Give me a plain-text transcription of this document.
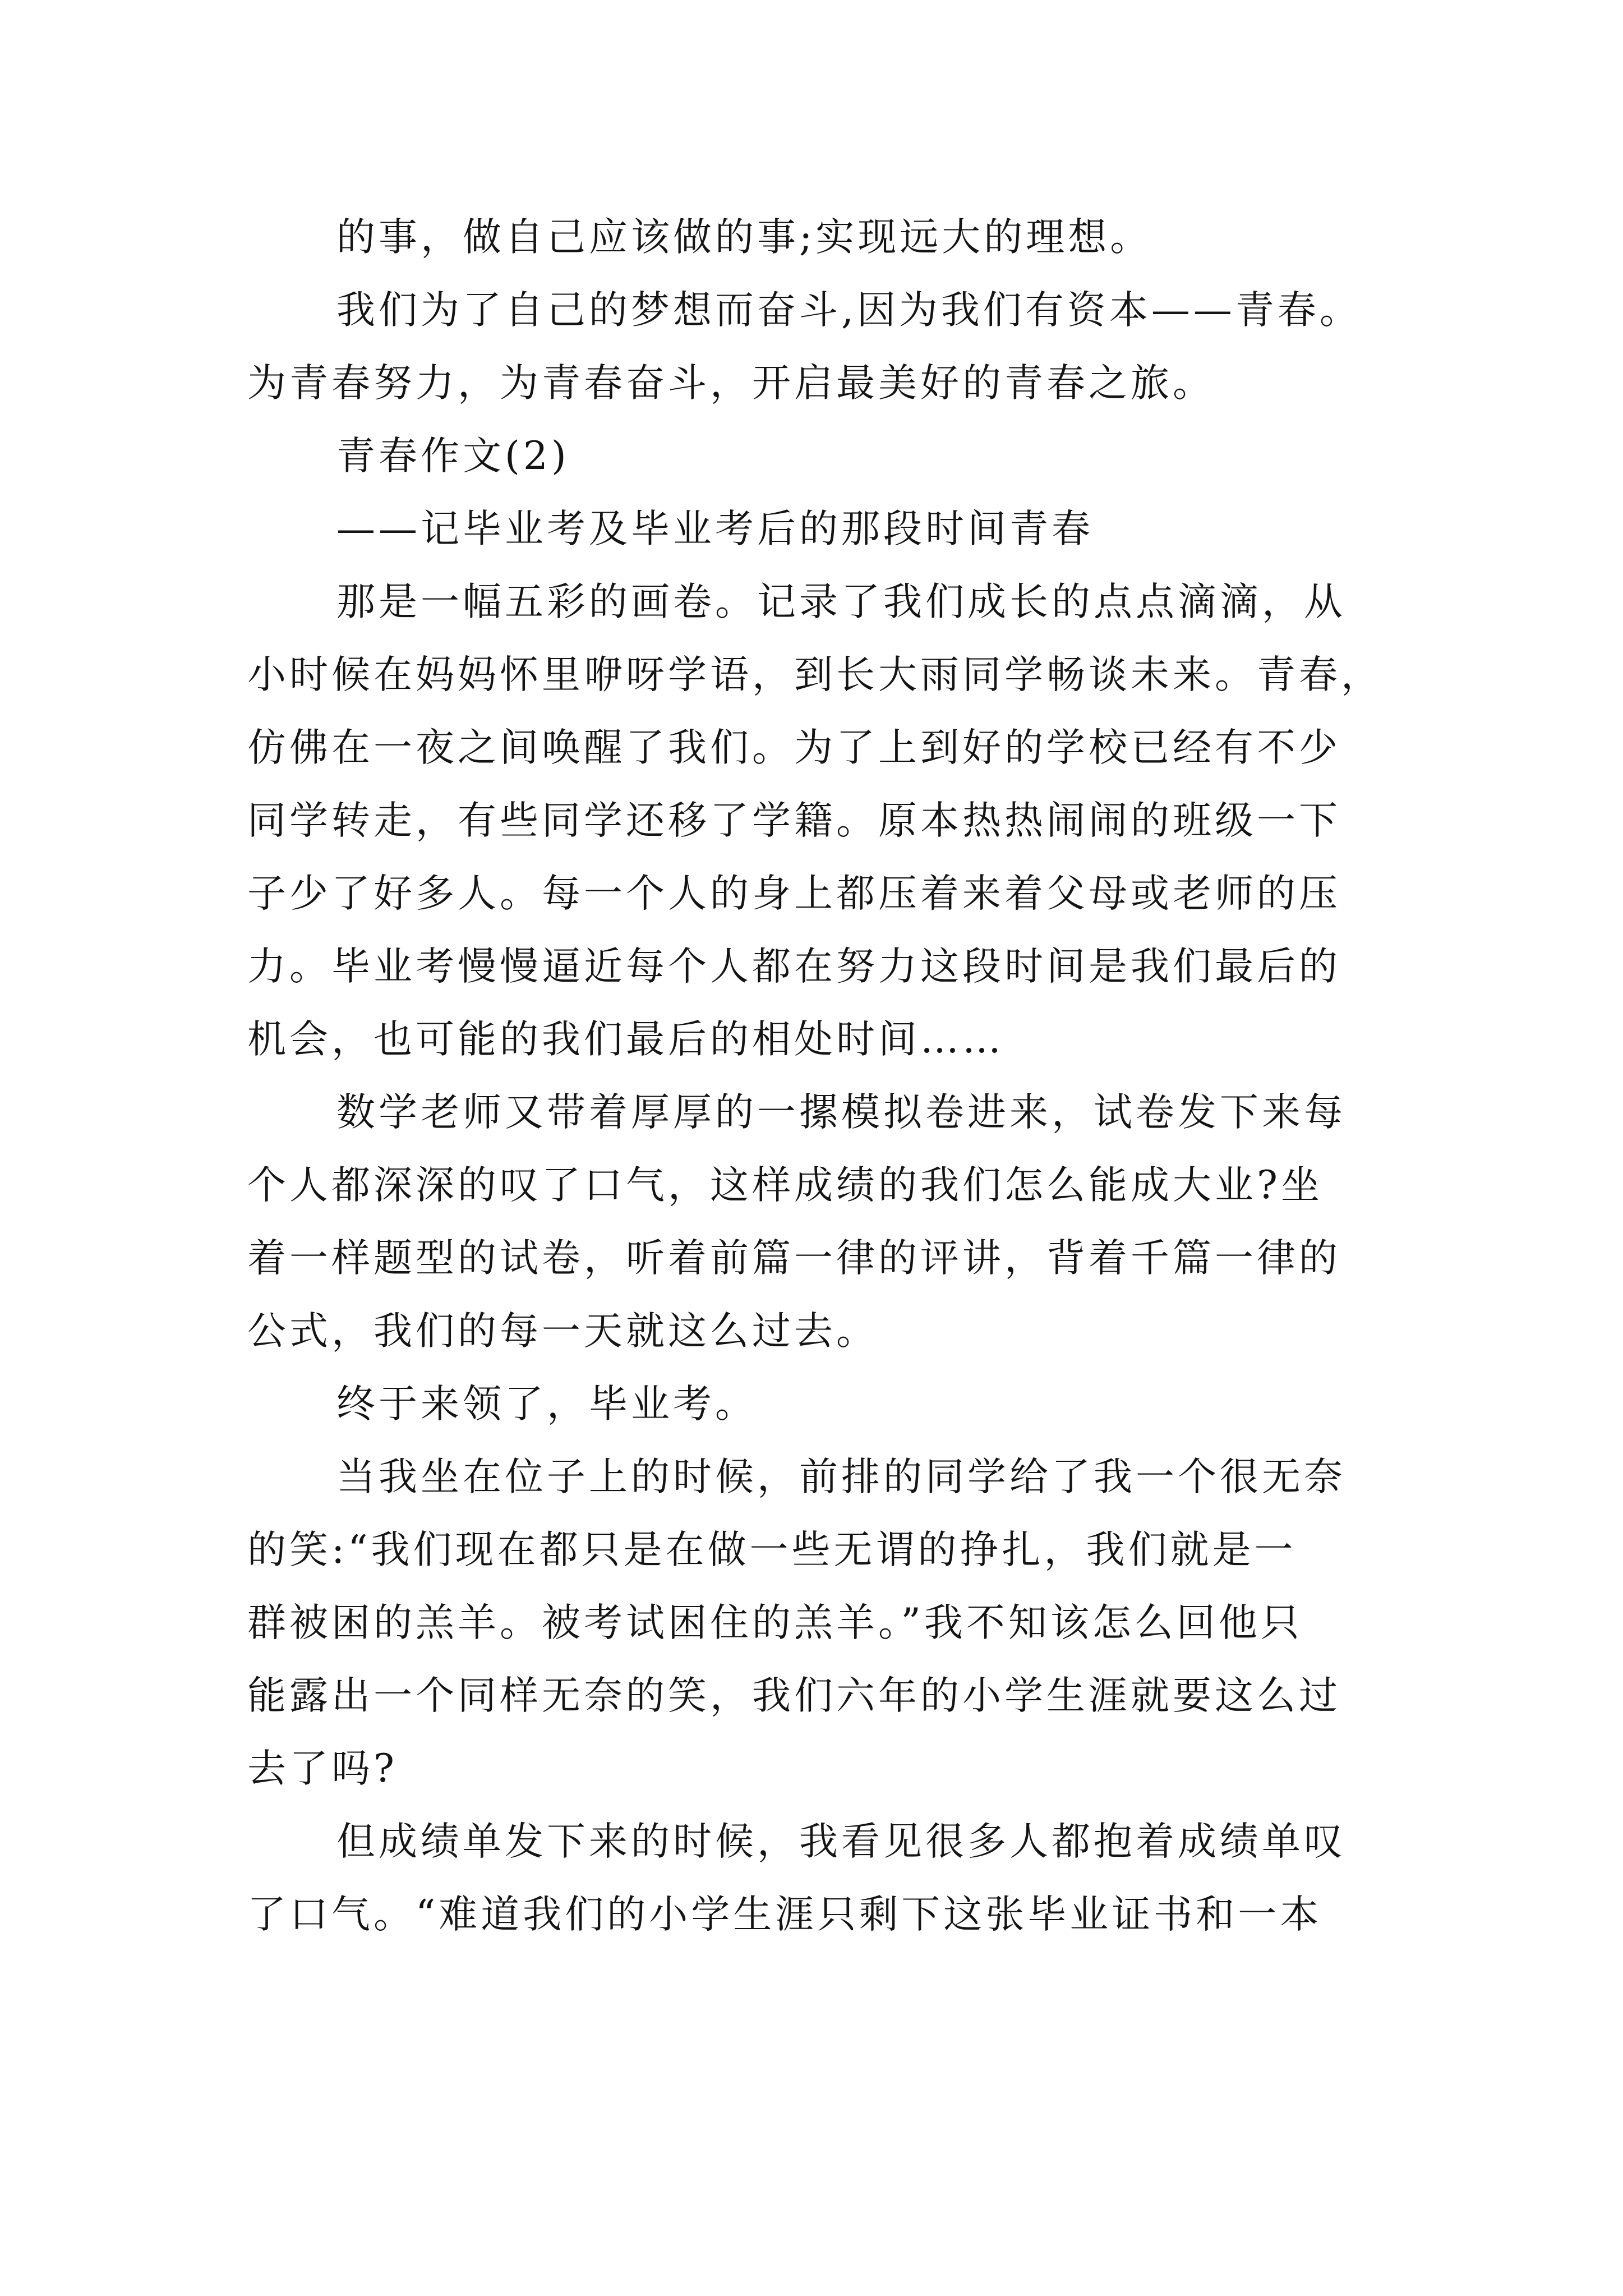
的事，做自己应该做的事;实现远大的理想。

我们为了自己的梦想而奋斗,因为我们有资本——青春。

为青春努力，为青春奋斗，开启最美好的青春之旅。

青春作文(2)

——记毕业考及毕业考后的那段时间青春

那是一幅五彩的画卷。记录了我们成长的点点滴滴，从

小时候在妈妈怀里咿呀学语，到长大雨同学畅谈未来。青春，

仿佛在一夜之间唤醒了我们。为了上到好的学校已经有不少

同学转走，有些同学还移了学籍。原本热热闹闹的班级一下

子少了好多人。每一个人的身上都压着来着父母或老师的压

力。毕业考慢慢逼近每个人都在努力这段时间是我们最后的

机会，也可能的我们最后的相处时间……

数学老师又带着厚厚的一摞模拟卷进来，试卷发下来每

个人都深深的叹了口气，这样成绩的我们怎么能成大业?坐

着一样题型的试卷，听着前篇一律的评讲，背着千篇一律的

公式，我们的每一天就这么过去。

终于来领了，毕业考。

当我坐在位子上的时候，前排的同学给了我一个很无奈

的笑:“我们现在都只是在做一些无谓的挣扎，我们就是一

群被困的羔羊。被考试困住的羔羊。”我不知该怎么回他只

能露出一个同样无奈的笑，我们六年的小学生涯就要这么过

去了吗?

但成绩单发下来的时候，我看见很多人都抱着成绩单叹

了口气。“难道我们的小学生涯只剩下这张毕业证书和一本
